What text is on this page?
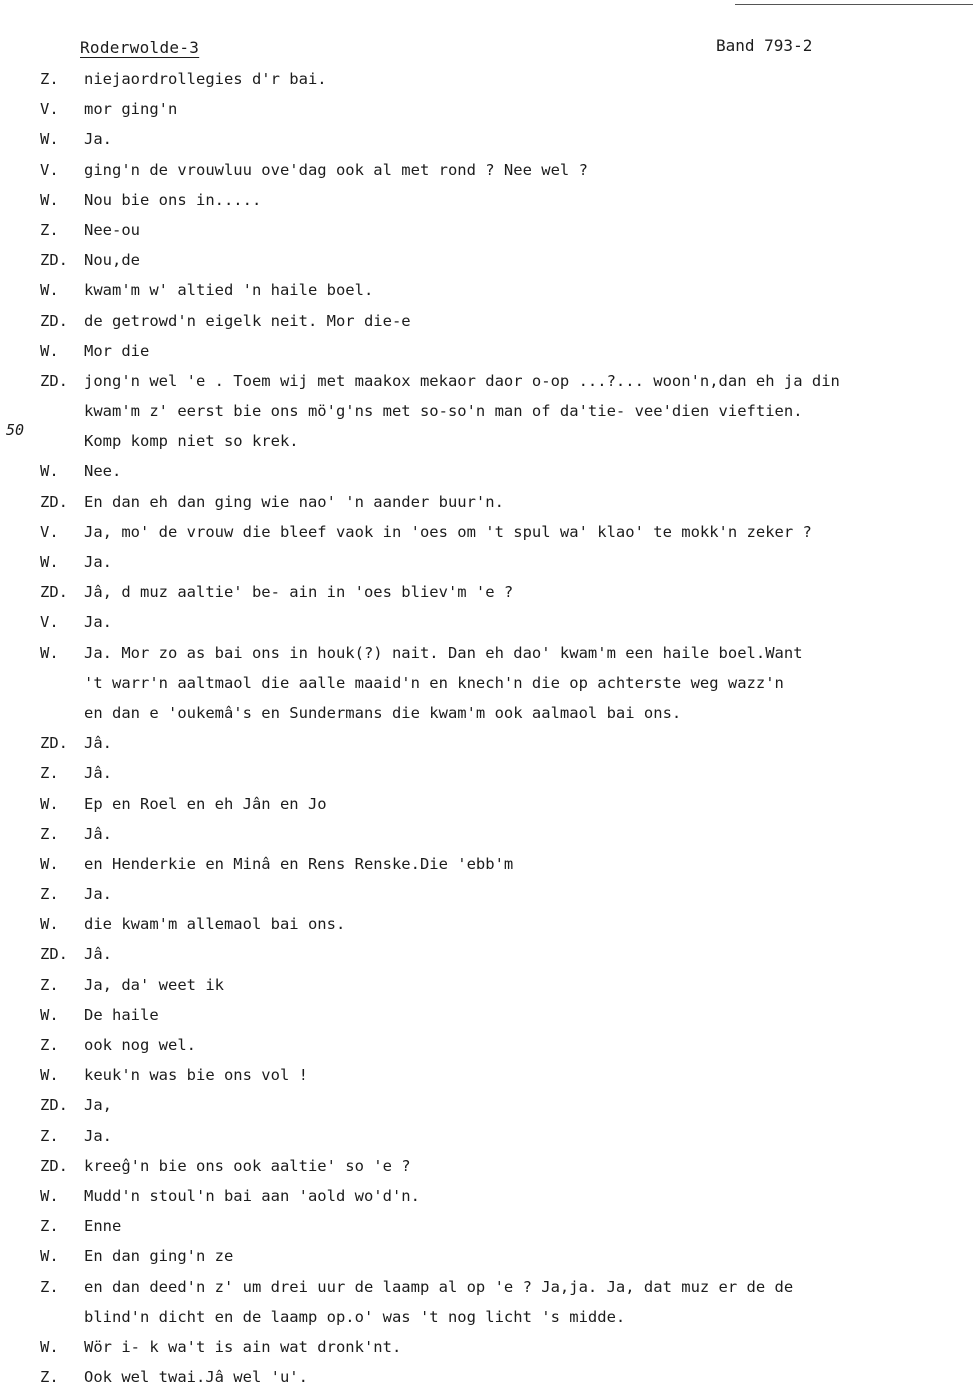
Roderwolde-3	Band 793-2
50
Z. niejaordrollegies d'r bai.
V. mor ging'n
W. Ja.
V. ging'n de vrouwluu ove'dag ook al met rond ? Nee wel ?
W. Nou bie ons in.....
Z. Nee-ou
ZD. Nou,de
W. kwam'm w' altied 'n haile boel.
ZD. de getrowd'n eigelk neit. Mor die-e
W. Mor die
ZD. jong'n wel 'e . Toem wij met maakox mekaor daor o-op ...?... woon'n,dan eh ja din
kwam'm z' eerst bie ons mö'g'ns met so-so'n man of da'tie- vee'dien vieftien.
Komp komp niet so krek.
W. Nee.
ZD. En dan eh dan ging wie nao' 'n aander buur'n.
V. Ja, mo' de vrouw die bleef vaok in 'oes om 't spul wa' klao' te mokk'n zeker ?
W. Ja.
ZD. Jâ, d muz aaltie' be- ain in 'oes bliev'm 'e ?
V. Ja.
W. Ja. Mor zo as bai ons in houk(?) nait. Dan eh dao' kwam'm een haile boel.Want
't warr'n aaltmaol die aalle maaid'n en knech'n die op achterste weg wazz'n
en dan e 'oukemâ's en Sundermans die kwam'm ook aalmaol bai ons.
ZD. Jâ.
Z. Jâ.
W. Ep en Roel en eh Jân en Jo
Z. Jâ.
W. en Henderkie en Minâ en Rens Renske.Die 'ebb'm
Z. Ja.
W. die kwam'm allemaol bai ons.
ZD. Jâ.
Z. Ja, da' weet ik
W. De haile
Z. ook nog wel.
W. keuk'n was bie ons vol !
ZD. Ja,
Z. Ja.
ZD. kreeĝ'n bie ons ook aaltie' so 'e ?
W. Mudd'n stoul'n bai aan 'aold wo'd'n.
Z. Enne
W. En dan ging'n ze
Z. en dan deed'n z' um drei uur de laamp al op 'e ? Ja,ja. Ja, dat muz er de de
blind'n dicht en de laamp op.o' was 't nog licht 's midde.
W. Wör i- k wa't is ain wat dronk'nt.
Z. Ook wel twai.Jâ wel 'u'.
